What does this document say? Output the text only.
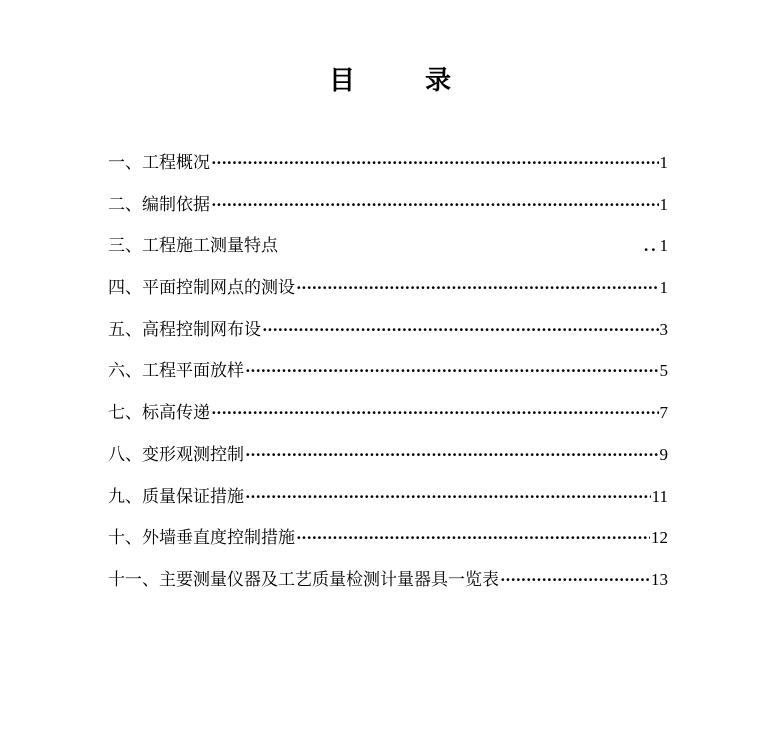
目	录
一、工程概况 ·····	1
二、编制依据 ·····	1
三、工程施工测量特点 ..	1
四、平面控制网点的测设 ·····	1
五、高程控制网布设 ·····	3
六、工程平面放样 ·····	5
七、标高传递 ·····	7
八、变形观测控制 ·····	9
九、质量保证措施 ·····	11
十、外墙垂直度控制措施 ·····	12
十一、主要测量仪器及工艺质量检测计量器具一览表 ·····	13
